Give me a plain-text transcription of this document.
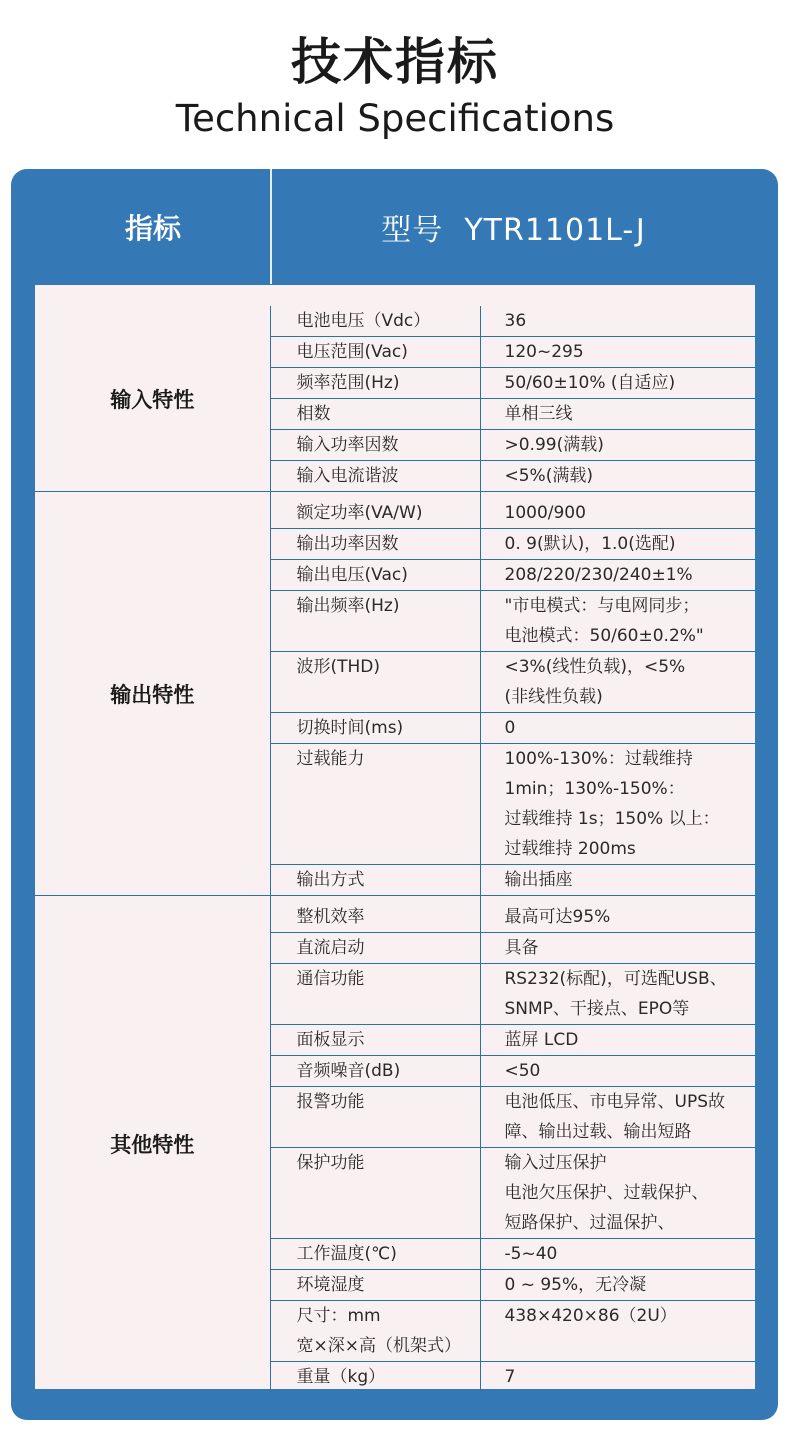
技术指标
Technical Specifications
指标	型号  YTR1101L-J
输入特性	电池电压（Vdc）	36

	电压范围(Vac)	120~295

	频率范围(Hz)	50/60±10% (自适应)

	相数	单相三线

	输入功率因数	>0.99(满载)

	输入电流谐波	<5%(满载)

输出特性	额定功率(VA/W)	1000/900

	输出功率因数	0. 9(默认)，1.0(选配)

	输出电压(Vac)	208/220/230/240±1%

	输出频率(Hz)	"市电模式：与电网同步；
电池模式：50/60±0.2%"

	波形(THD)	<3%(线性负载)，<5%
(非线性负载)

	切换时间(ms)	0

	过载能力	100%-130%：过载维持
1min；130%-150%：
过载维持 1s；150% 以上：
过载维持 200ms

	输出方式	输出插座

其他特性	整机效率	最高可达95%

	直流启动	具备

	通信功能	RS232(标配)，可选配USB、
SNMP、干接点、EPO等

	面板显示	蓝屏 LCD

	音频噪音(dB)	<50

	报警功能	电池低压、市电异常、UPS故
障、输出过载、输出短路

	保护功能	输入过压保护
电池欠压保护、过载保护、
短路保护、过温保护、

	工作温度(℃)	-5~40

	环境湿度	0 ~ 95%，无冷凝

	尺寸：mm
宽×深×高（机架式）	438×420×86（2U）

	重量（kg）	7
